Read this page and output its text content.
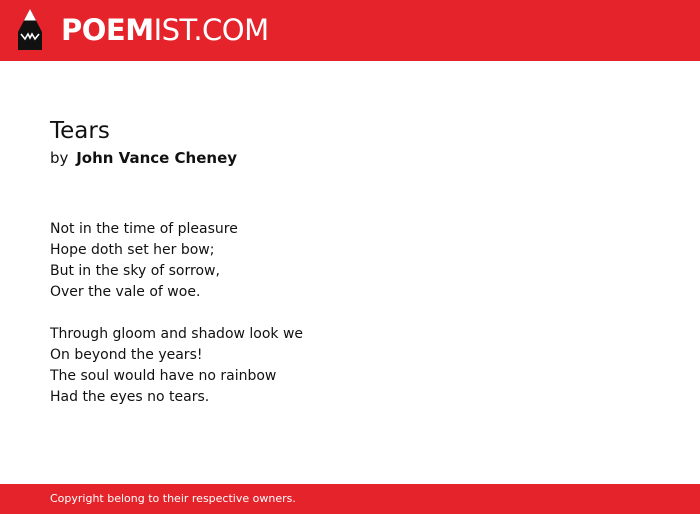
POEMIST.COM
Tears
by John Vance Cheney
Not in the time of pleasure
Hope doth set her bow;
But in the sky of sorrow,
Over the vale of woe.
Through gloom and shadow look we
On beyond the years!
The soul would have no rainbow
Had the eyes no tears.
Copyright belong to their respective owners.
